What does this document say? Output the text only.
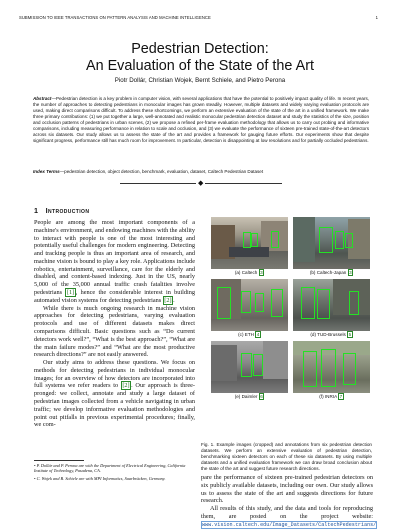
SUBMISSION TO IEEE TRANSACTIONS ON PATTERN ANALYSIS AND MACHINE INTELLIGENCE	1
Pedestrian Detection:
An Evaluation of the State of the Art
Piotr Dollár, Christian Wojek, Bernt Schiele, and Pietro Perona
Abstract—Pedestrian detection is a key problem in computer vision, with several applications that have the potential to positively impact quality of life. In recent years, the number of approaches to detecting pedestrians in monocular images has grown steadily. However, multiple datasets and widely varying evaluation protocols are used, making direct comparisons difficult. To address these shortcomings, we perform an extensive evaluation of the state of the art in a unified framework. We make three primary contributions: (1) we put together a large, well-annotated and realistic monocular pedestrian detection dataset and study the statistics of the size, position and occlusion patterns of pedestrians in urban scenes, (2) we propose a refined per-frame evaluation methodology that allows us to carry out probing and informative comparisons, including measuring performance in relation to scale and occlusion, and (3) we evaluate the performance of sixteen pre-trained state-of-the-art detectors across six datasets. Our study allows us to assess the state of the art and provides a framework for gauging future efforts. Our experiments show that despite significant progress, performance still has much room for improvement. In particular, detection is disappointing at low resolutions and for partially occluded pedestrians.
Index Terms—pedestrian detection, object detection, benchmark, evaluation, dataset, Caltech Pedestrian Dataset
◆
1 Introduction

People are among the most important components of a machine's environment, and endowing machines with the ability to interact with people is one of the most interesting and potentially useful challenges for modern engineering. Detecting and tracking people is thus an important area of research, and machine vision is bound to play a key role. Applications include robotics, entertainment, surveillance, care for the elderly and disabled, and content-based indexing. Just in the US, nearly 5,000 of the 35,000 annual traffic crash fatalities involve pedestrians [1] , hence the considerable interest in building automated vision systems for detecting pedestrians [2] .

While there is much ongoing research in machine vision approaches for detecting pedestrians, varying evaluation protocols and use of different datasets makes direct comparisons difficult. Basic questions such as “Do current detectors work well?”, “What is the best approach?”, “What are the main failure modes?” and “What are the most productive research directions?” are not easily answered.

Our study aims to address these questions. We focus on methods for detecting pedestrians in individual monocular images; for an overview of how detectors are incorporated into full systems we refer readers to [2] . Our approach is three-pronged: we collect, annotate and study a large dataset of pedestrian images collected from a vehicle navigating in urban traffic; we develop informative evaluation methodologies and point out pitfalls in previous experimental procedures; finally, we com-

• P. Dollár and P. Perona are with the Department of Electrical Engineering, California Institute of Technology, Pasadena, CA.
• C. Wojek and B. Schiele are with MPI Informatics, Saarbrücken, Germany.
(a) Caltech 3	(b) Caltech-Japan 3
(c) ETH 4	(d) TUD-Brussels 5
(e) Daimler 6	(f) INRIA 7
Fig. 1. Example images (cropped) and annotations from six pedestrian detection datasets. We perform an extensive evaluation of pedestrian detection, benchmarking sixteen detectors on each of these six datasets. By using multiple datasets and a unified evaluation framework we can draw broad conclusion about the state of the art and suggest future research directions.

pare the performance of sixteen pre-trained pedestrian detectors on six publicly available datasets, including our own. Our study allows us to assess the state of the art and suggests directions for future research.

All results of this study, and the data and tools for reproducing them, are posted on the project website: www.vision.caltech.edu/Image_Datasets/CaltechPedestrians/
